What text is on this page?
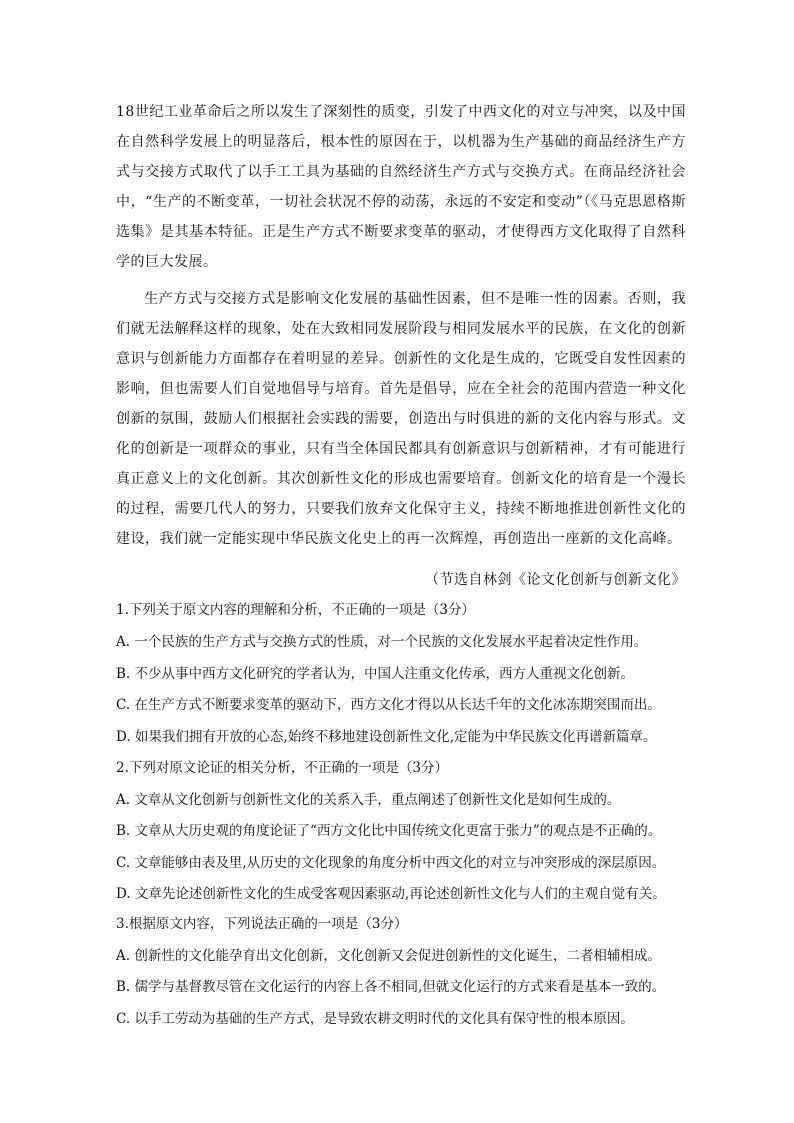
18世纪工业革命后之所以发生了深刻性的质变，引发了中西文化的对立与冲突，以及中国在自然科学发展上的明显落后，根本性的原因在于，以机器为生产基础的商品经济生产方式与交接方式取代了以手工工具为基础的自然经济生产方式与交换方式。在商品经济社会中，“生产的不断变革，一切社会状况不停的动荡，永远的不安定和变动”（《马克思恩格斯选集》是其基本特征。正是生产方式不断要求变革的驱动，才使得西方文化取得了自然科学的巨大发展。

生产方式与交接方式是影响文化发展的基础性因素，但不是唯一性的因素。否则，我们就无法解释这样的现象，处在大致相同发展阶段与相同发展水平的民族，在文化的创新意识与创新能力方面都存在着明显的差异。创新性的文化是生成的，它既受自发性因素的影响，但也需要人们自觉地倡导与培育。首先是倡导，应在全社会的范围内营造一种文化创新的氛围，鼓励人们根据社会实践的需要，创造出与时俱进的新的文化内容与形式。文化的创新是一项群众的事业，只有当全体国民都具有创新意识与创新精神，才有可能进行真正意义上的文化创新。其次创新性文化的形成也需要培育。创新文化的培育是一个漫长的过程，需要几代人的努力，只要我们放弃文化保守主义，持续不断地推进创新性文化的建设，我们就一定能实现中华民族文化史上的再一次辉煌，再创造出一座新的文化高峰。

（节选自林剑《论文化创新与创新文化》

1.下列关于原文内容的理解和分析，不正确的一项是（3分）

A. 一个民族的生产方式与交换方式的性质，对一个民族的文化发展水平起着决定性作用。

B. 不少从事中西方文化研究的学者认为，中国人注重文化传承，西方人重视文化创新。

C. 在生产方式不断要求变革的驱动下，西方文化才得以从长达千年的文化冰冻期突围而出。

D. 如果我们拥有开放的心态,始终不移地建设创新性文化,定能为中华民族文化再谱新篇章。

2.下列对原文论证的相关分析，不正确的一项是（3分）

A. 文章从文化创新与创新性文化的关系入手，重点阐述了创新性文化是如何生成的。

B. 文章从大历史观的角度论证了“西方文化比中国传统文化更富于张力”的观点是不正确的。

C. 文章能够由表及里,从历史的文化现象的角度分析中西文化的对立与冲突形成的深层原因。

D. 文章先论述创新性文化的生成受客观因素驱动,再论述创新性文化与人们的主观自觉有关。

3.根据原文内容，下列说法正确的一项是（3分）

A. 创新性的文化能孕育出文化创新，文化创新又会促进创新性的文化诞生，二者相辅相成。

B. 儒学与基督教尽管在文化运行的内容上各不相同,但就文化运行的方式来看是基本一致的。

C. 以手工劳动为基础的生产方式，是导致农耕文明时代的文化具有保守性的根本原因。
